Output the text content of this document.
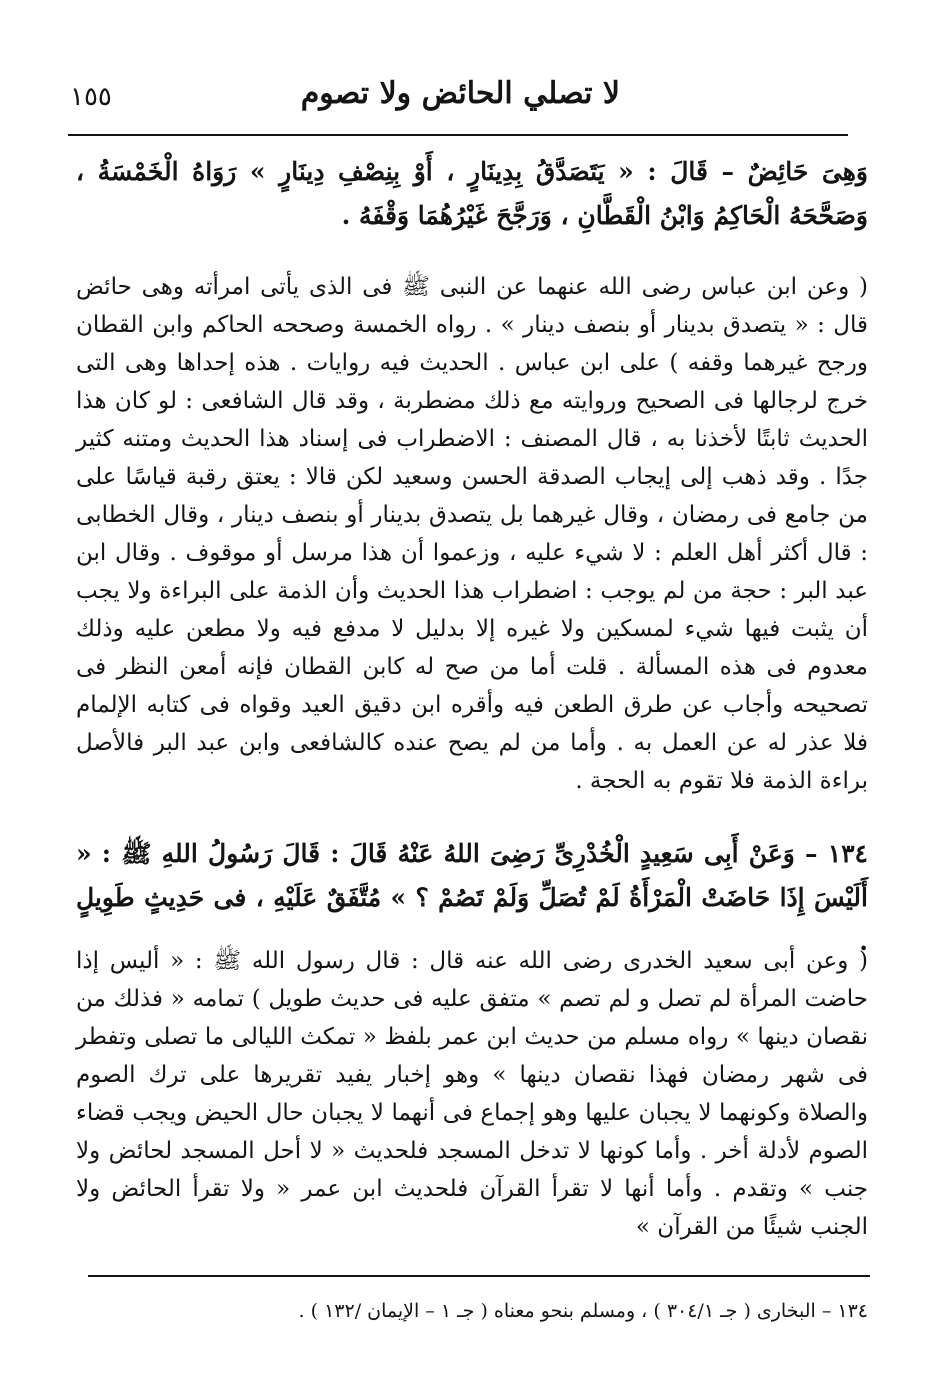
لا تصلي الحائض ولا تصوم
١٥٥

وَهِىَ حَائِضٌ – قَالَ : « يَتَصَدَّقُ بِدِينَارٍ ، أَوْ بِنِصْفِ دِينَارٍ » رَوَاهُ الْخَمْسَةُ ، وَصَحَّحَهُ الْحَاكِمُ وَابْنُ الْقَطَّانِ ، وَرَجَّحَ غَيْرُهُمَا وَقْفَهُ .

( وعن ابن عباس رضى الله عنهما عن النبى ﷺ فى الذى يأتى امرأته وهى حائض قال : « يتصدق بدينار أو بنصف دينار » . رواه الخمسة وصححه الحاكم وابن القطان ورجح غيرهما وقفه ) على ابن عباس . الحديث فيه روايات . هذه إحداها وهى التى خرج لرجالها فى الصحيح وروايته مع ذلك مضطربة ، وقد قال الشافعى : لو كان هذا الحديث ثابتًا لأخذنا به ، قال المصنف : الاضطراب فى إسناد هذا الحديث ومتنه كثير جدًا . وقد ذهب إلى إيجاب الصدقة الحسن وسعيد لكن قالا : يعتق رقبة قياسًا على من جامع فى رمضان ، وقال غيرهما بل يتصدق بدينار أو بنصف دينار ، وقال الخطابى : قال أكثر أهل العلم : لا شيء عليه ، وزعموا أن هذا مرسل أو موقوف . وقال ابن عبد البر : حجة من لم يوجب : اضطراب هذا الحديث وأن الذمة على البراءة ولا يجب أن يثبت فيها شيء لمسكين ولا غيره إلا بدليل لا مدفع فيه ولا مطعن عليه وذلك معدوم فى هذه المسألة . قلت أما من صح له كابن القطان فإنه أمعن النظر فى تصحيحه وأجاب عن طرق الطعن فيه وأقره ابن دقيق العيد وقواه فى كتابه الإلمام فلا عذر له عن العمل به . وأما من لم يصح عنده كالشافعى وابن عبد البر فالأصل براءة الذمة فلا تقوم به الحجة .

١٣٤ – وَعَنْ أَبِى سَعِيدٍ الْخُدْرِىِّ رَضِىَ اللهُ عَنْهُ قَالَ : قَالَ رَسُولُ اللهِ ﷺ : « أَلَيْسَ إِذَا حَاضَتْ الْمَرْأَةُ لَمْ تُصَلِّ وَلَمْ تَصُمْ ؟ » مُتَّفَقٌ عَلَيْهِ ، فى حَدِيثٍ طَوِيلٍ .

( وعن أبى سعيد الخدرى رضى الله عنه قال : قال رسول الله ﷺ : « أليس إذا حاضت المرأة لم تصل و لم تصم » متفق عليه فى حديث طويل ) تمامه « فذلك من نقصان دينها » رواه مسلم من حديث ابن عمر بلفظ « تمكث الليالى ما تصلى وتفطر فى شهر رمضان فهذا نقصان دينها » وهو إخبار يفيد تقريرها على ترك الصوم والصلاة وكونهما لا يجبان عليها وهو إجماع فى أنهما لا يجبان حال الحيض ويجب قضاء الصوم لأدلة أخر . وأما كونها لا تدخل المسجد فلحديث « لا أحل المسجد لحائض ولا جنب » وتقدم . وأما أنها لا تقرأ القرآن فلحديث ابن عمر « ولا تقرأ الحائض ولا الجنب شيئًا من القرآن »

١٣٤ – البخارى ( جـ ٣٠٤/١ ) ، ومسلم بنحو معناه ( جـ ١ – الإيمان /١٣٢ ) .
